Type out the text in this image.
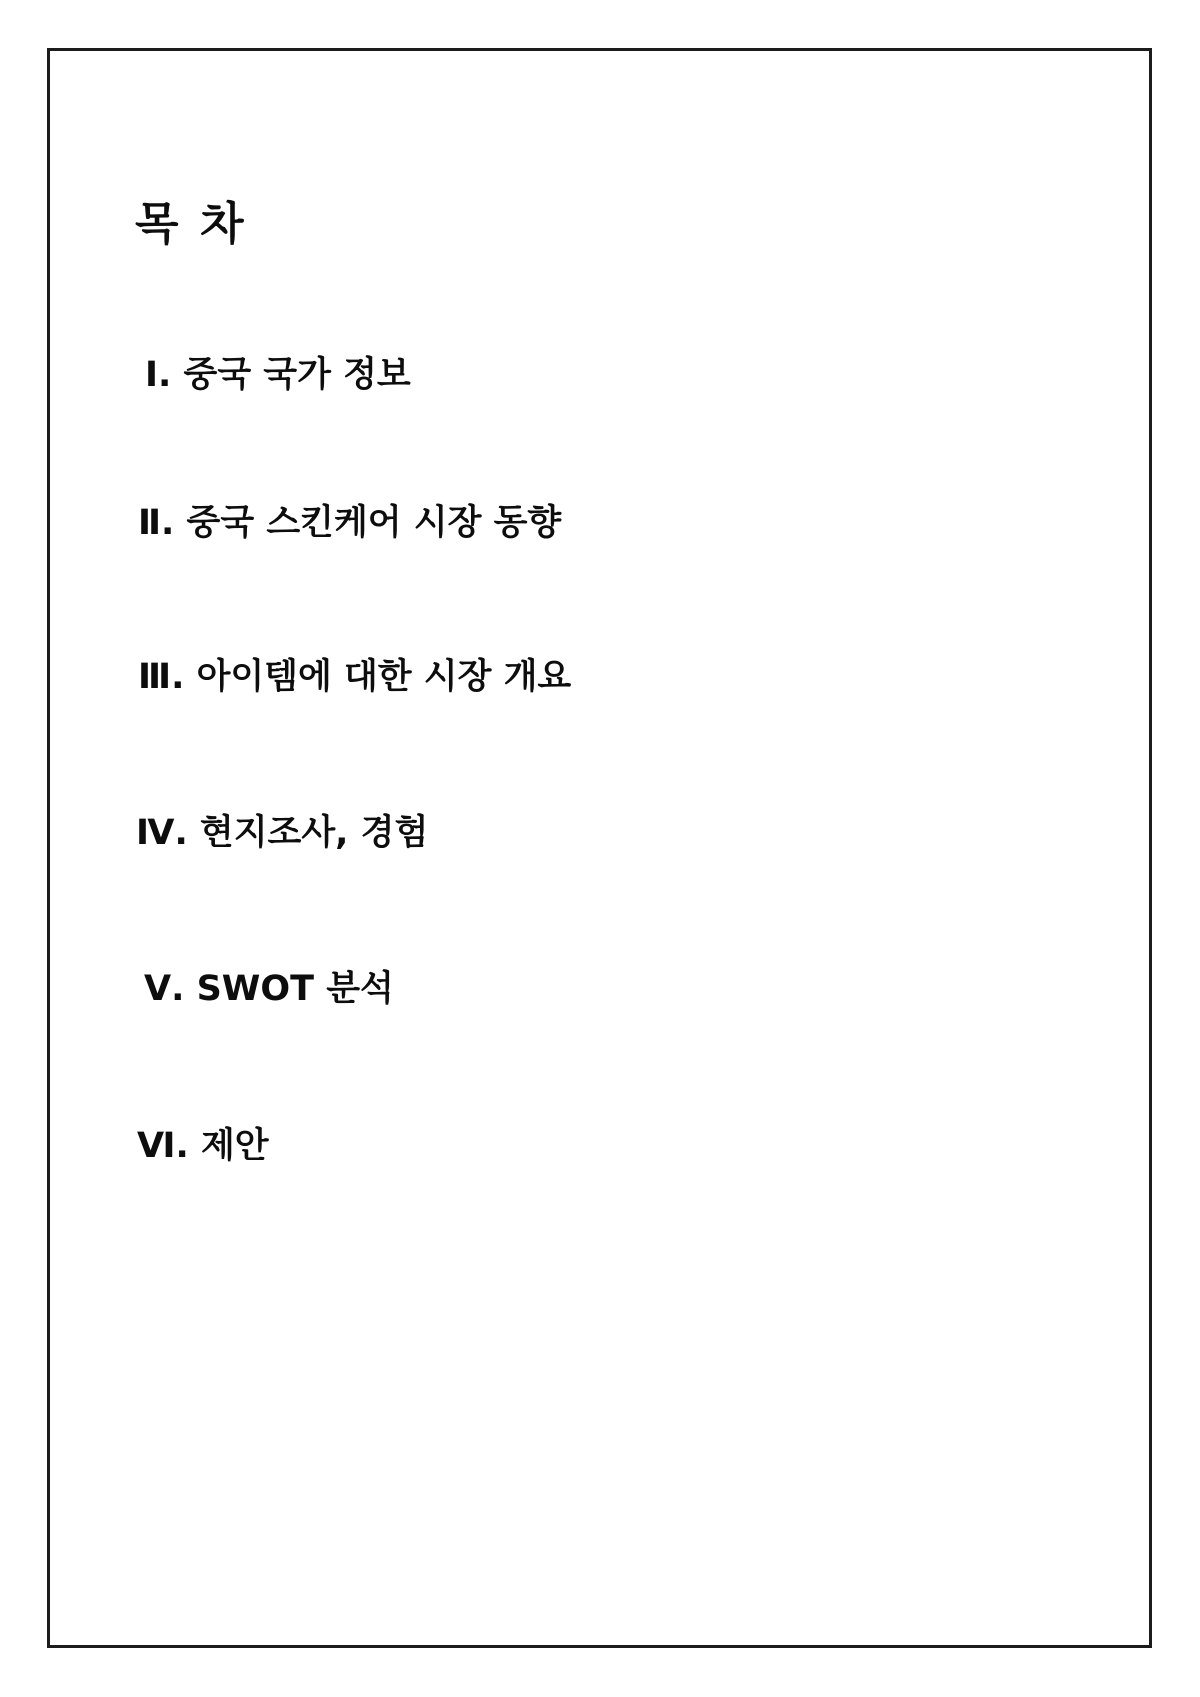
목 차
Ⅰ. 중국 국가 정보
Ⅱ. 중국 스킨케어 시장 동향
Ⅲ. 아이템에 대한 시장 개요
Ⅳ. 현지조사, 경험
Ⅴ. SWOT 분석
Ⅵ. 제안
